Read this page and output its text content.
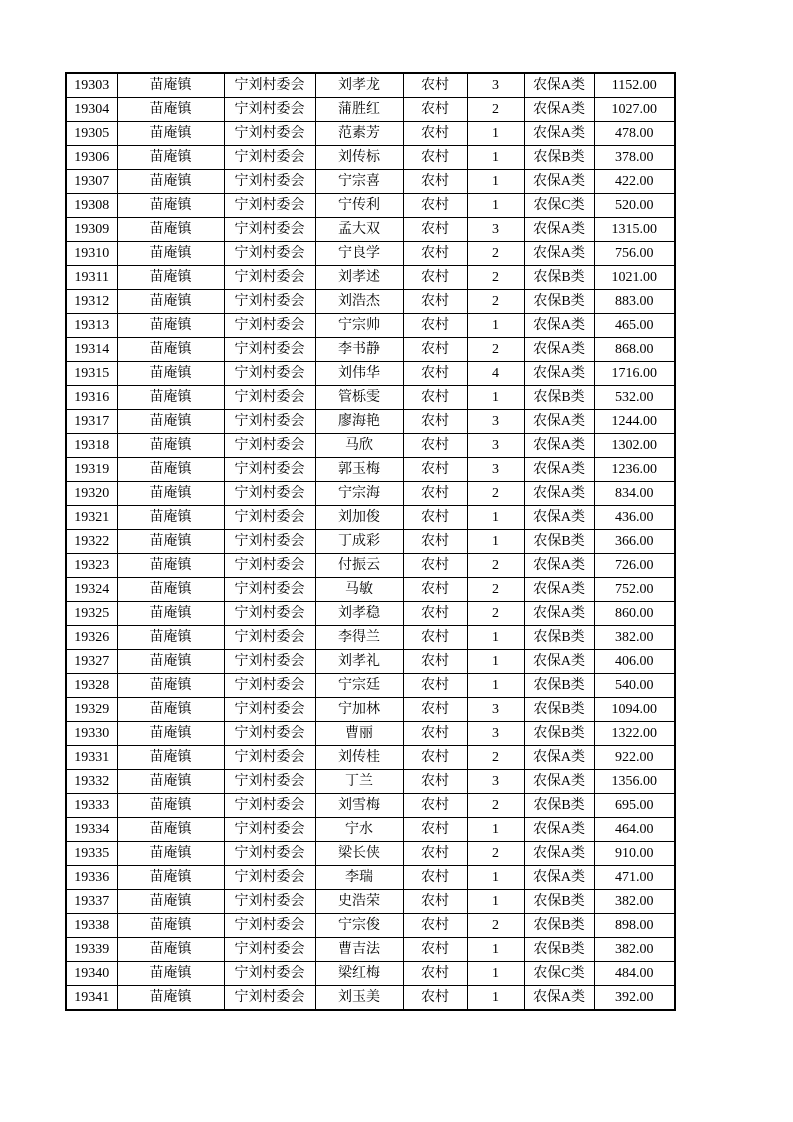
19303	苗庵镇	宁刘村委会	刘孝龙	农村	3	农保A类	1152.00
19304	苗庵镇	宁刘村委会	蒲胜红	农村	2	农保A类	1027.00
19305	苗庵镇	宁刘村委会	范素芳	农村	1	农保A类	478.00
19306	苗庵镇	宁刘村委会	刘传标	农村	1	农保B类	378.00
19307	苗庵镇	宁刘村委会	宁宗喜	农村	1	农保A类	422.00
19308	苗庵镇	宁刘村委会	宁传利	农村	1	农保C类	520.00
19309	苗庵镇	宁刘村委会	孟大双	农村	3	农保A类	1315.00
19310	苗庵镇	宁刘村委会	宁良学	农村	2	农保A类	756.00
19311	苗庵镇	宁刘村委会	刘孝述	农村	2	农保B类	1021.00
19312	苗庵镇	宁刘村委会	刘浩杰	农村	2	农保B类	883.00
19313	苗庵镇	宁刘村委会	宁宗帅	农村	1	农保A类	465.00
19314	苗庵镇	宁刘村委会	李书静	农村	2	农保A类	868.00
19315	苗庵镇	宁刘村委会	刘伟华	农村	4	农保A类	1716.00
19316	苗庵镇	宁刘村委会	管栎雯	农村	1	农保B类	532.00
19317	苗庵镇	宁刘村委会	廖海艳	农村	3	农保A类	1244.00
19318	苗庵镇	宁刘村委会	马欣	农村	3	农保A类	1302.00
19319	苗庵镇	宁刘村委会	郭玉梅	农村	3	农保A类	1236.00
19320	苗庵镇	宁刘村委会	宁宗海	农村	2	农保A类	834.00
19321	苗庵镇	宁刘村委会	刘加俊	农村	1	农保A类	436.00
19322	苗庵镇	宁刘村委会	丁成彩	农村	1	农保B类	366.00
19323	苗庵镇	宁刘村委会	付振云	农村	2	农保A类	726.00
19324	苗庵镇	宁刘村委会	马敏	农村	2	农保A类	752.00
19325	苗庵镇	宁刘村委会	刘孝稳	农村	2	农保A类	860.00
19326	苗庵镇	宁刘村委会	李得兰	农村	1	农保B类	382.00
19327	苗庵镇	宁刘村委会	刘孝礼	农村	1	农保A类	406.00
19328	苗庵镇	宁刘村委会	宁宗廷	农村	1	农保B类	540.00
19329	苗庵镇	宁刘村委会	宁加林	农村	3	农保B类	1094.00
19330	苗庵镇	宁刘村委会	曹丽	农村	3	农保B类	1322.00
19331	苗庵镇	宁刘村委会	刘传桂	农村	2	农保A类	922.00
19332	苗庵镇	宁刘村委会	丁兰	农村	3	农保A类	1356.00
19333	苗庵镇	宁刘村委会	刘雪梅	农村	2	农保B类	695.00
19334	苗庵镇	宁刘村委会	宁水	农村	1	农保A类	464.00
19335	苗庵镇	宁刘村委会	梁长侠	农村	2	农保A类	910.00
19336	苗庵镇	宁刘村委会	李瑞	农村	1	农保A类	471.00
19337	苗庵镇	宁刘村委会	史浩荣	农村	1	农保B类	382.00
19338	苗庵镇	宁刘村委会	宁宗俊	农村	2	农保B类	898.00
19339	苗庵镇	宁刘村委会	曹吉法	农村	1	农保B类	382.00
19340	苗庵镇	宁刘村委会	梁红梅	农村	1	农保C类	484.00
19341	苗庵镇	宁刘村委会	刘玉美	农村	1	农保A类	392.00
